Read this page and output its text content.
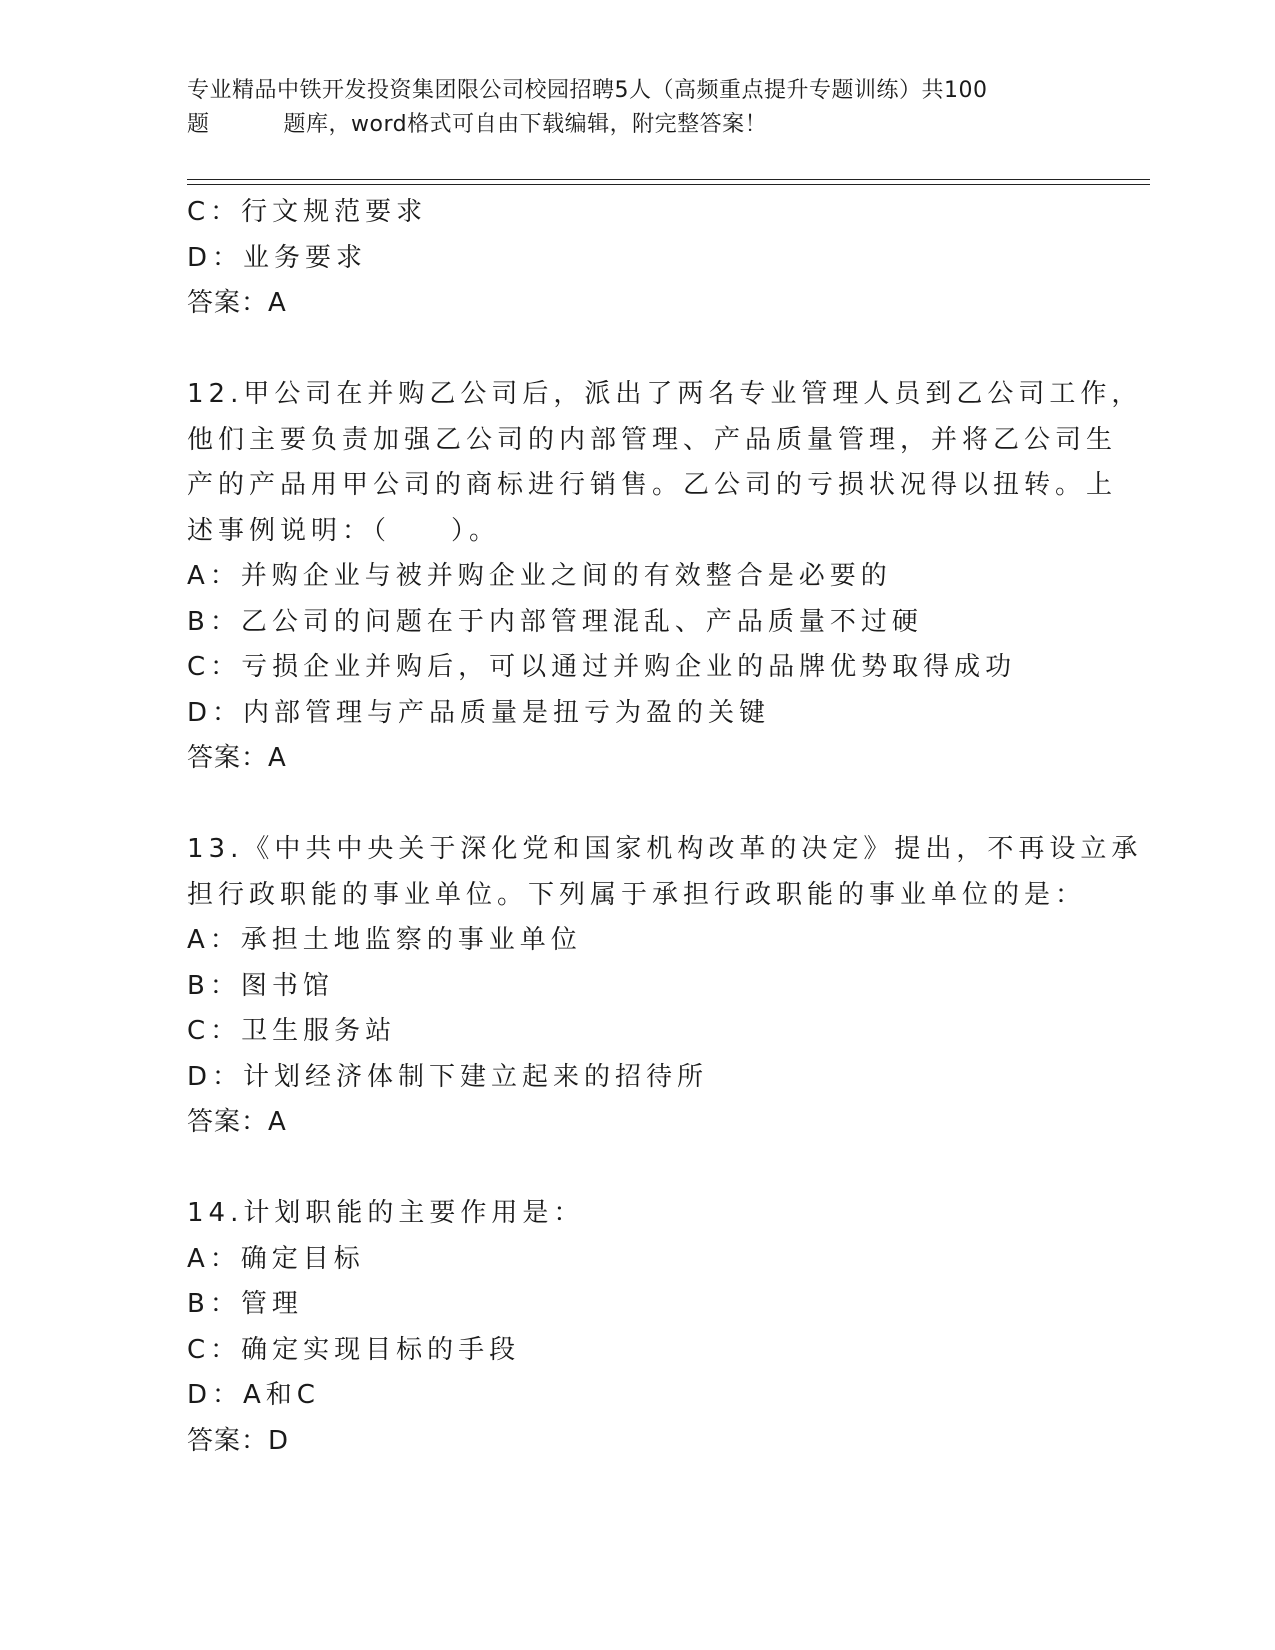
专业精品中铁开发投资集团限公司校园招聘5人（高频重点提升专题训练）共100
题	题库，word格式可自由下载编辑，附完整答案！
C：行文规范要求
D：业务要求
答案：A
12.甲公司在并购乙公司后，派出了两名专业管理人员到乙公司工作，
他们主要负责加强乙公司的内部管理、产品质量管理，并将乙公司生
产的产品用甲公司的商标进行销售。乙公司的亏损状况得以扭转。上
述事例说明：（ ）。
A：并购企业与被并购企业之间的有效整合是必要的
B：乙公司的问题在于内部管理混乱、产品质量不过硬
C：亏损企业并购后，可以通过并购企业的品牌优势取得成功
D：内部管理与产品质量是扭亏为盈的关键
答案：A
13.《中共中央关于深化党和国家机构改革的决定》提出，不再设立承
担行政职能的事业单位。下列属于承担行政职能的事业单位的是：
A：承担土地监察的事业单位
B：图书馆
C：卫生服务站
D：计划经济体制下建立起来的招待所
答案：A
14.计划职能的主要作用是：
A：确定目标
B：管理
C：确定实现目标的手段
D：A和C
答案：D
